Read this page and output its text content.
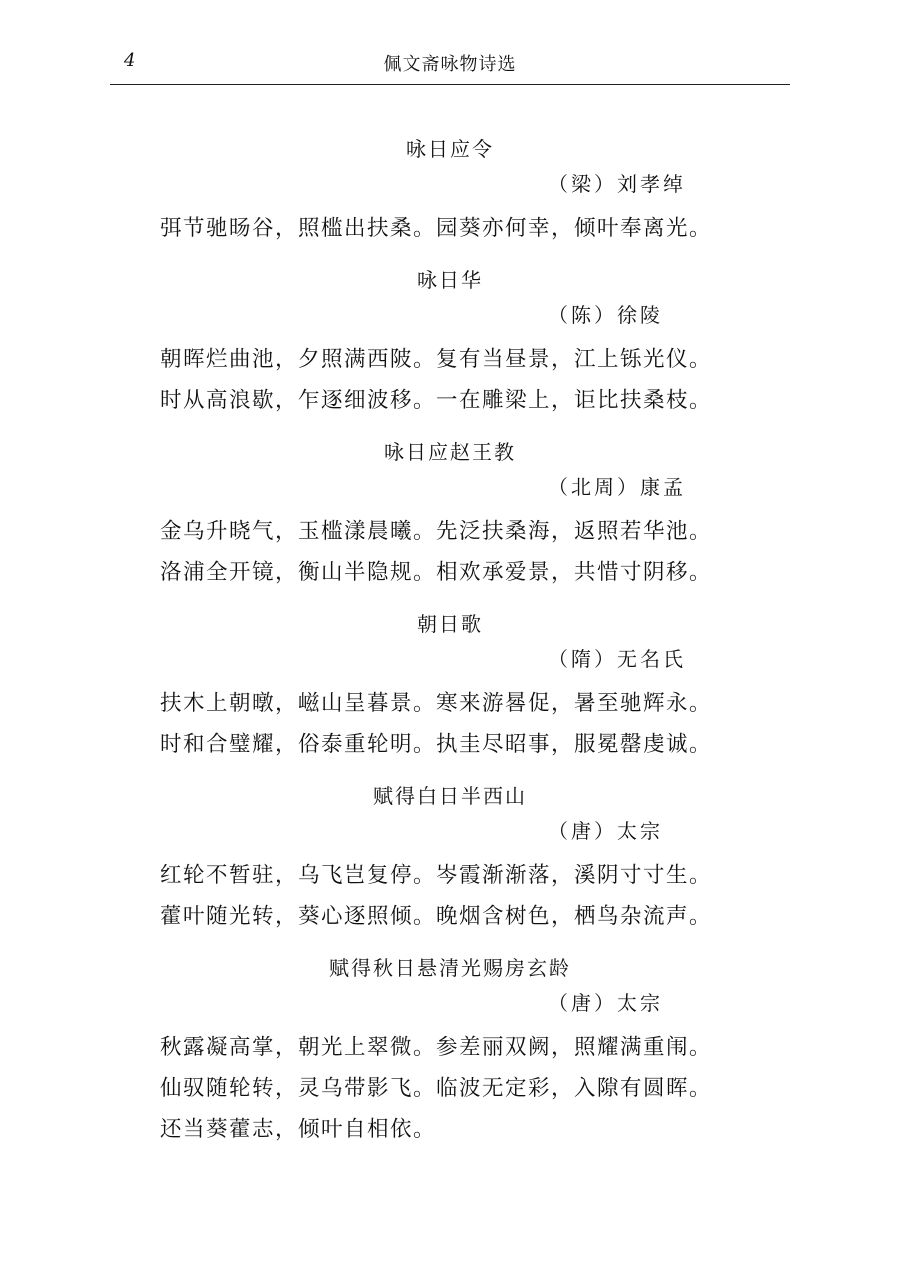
4	佩文斋咏物诗选
咏日应令
（梁）刘孝绰
弭节驰旸谷，照槛出扶桑。园葵亦何幸，倾叶奉离光。
咏日华
（陈）徐陵
朝晖烂曲池，夕照满西陂。复有当昼景，江上铄光仪。
时从高浪歇，乍逐细波移。一在雕梁上，讵比扶桑枝。
咏日应赵王教
（北周）康孟
金乌升晓气，玉槛漾晨曦。先泛扶桑海，返照若华池。
洛浦全开镜，衡山半隐规。相欢承爱景，共惜寸阴移。
朝日歌
（隋）无名氏
扶木上朝暾，嵫山呈暮景。寒来游晷促，暑至驰辉永。
时和合璧耀，俗泰重轮明。执圭尽昭事，服冕罄虔诚。
赋得白日半西山
（唐）太宗
红轮不暂驻，乌飞岂复停。岑霞渐渐落，溪阴寸寸生。
藿叶随光转，葵心逐照倾。晚烟含树色，栖鸟杂流声。
赋得秋日悬清光赐房玄龄
（唐）太宗
秋露凝高掌，朝光上翠微。参差丽双阙，照耀满重闱。
仙驭随轮转，灵乌带影飞。临波无定彩，入隙有圆晖。
还当葵藿志，倾叶自相依。
